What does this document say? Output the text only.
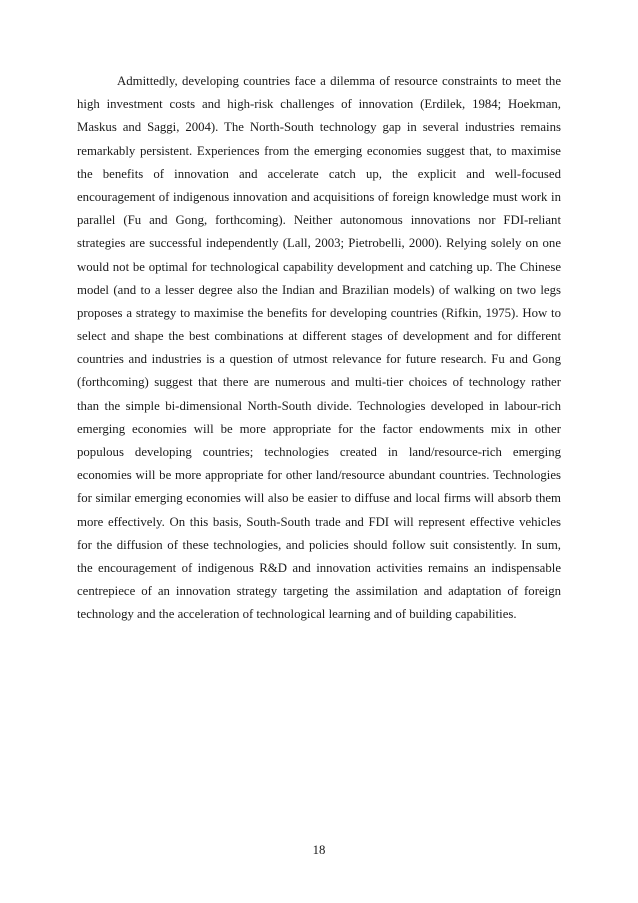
Admittedly, developing countries face a dilemma of resource constraints to meet the
high investment costs and high-risk challenges of innovation (Erdilek, 1984; Hoekman,
Maskus and Saggi, 2004). The North-South technology gap in several industries remains
remarkably persistent. Experiences from the emerging economies suggest that, to maximise
the benefits of innovation and accelerate catch up, the explicit and well-focused
encouragement of indigenous innovation and acquisitions of foreign knowledge must work in
parallel (Fu and Gong, forthcoming). Neither autonomous innovations nor FDI-reliant
strategies are successful independently (Lall, 2003; Pietrobelli, 2000). Relying solely on one
would not be optimal for technological capability development and catching up. The Chinese
model (and to a lesser degree also the Indian and Brazilian models) of walking on two legs
proposes a strategy to maximise the benefits for developing countries (Rifkin, 1975). How to
select and shape the best combinations at different stages of development and for different
countries and industries is a question of utmost relevance for future research. Fu and Gong
(forthcoming) suggest that there are numerous and multi-tier choices of technology rather
than the simple bi-dimensional North-South divide. Technologies developed in labour-rich
emerging economies will be more appropriate for the factor endowments mix in other
populous developing countries; technologies created in land/resource-rich emerging
economies will be more appropriate for other land/resource abundant countries. Technologies
for similar emerging economies will also be easier to diffuse and local firms will absorb them
more effectively. On this basis, South-South trade and FDI will represent effective vehicles
for the diffusion of these technologies, and policies should follow suit consistently. In sum,
the encouragement of indigenous R&D and innovation activities remains an indispensable
centrepiece of an innovation strategy targeting the assimilation and adaptation of foreign
technology and the acceleration of technological learning and of building capabilities.
18
